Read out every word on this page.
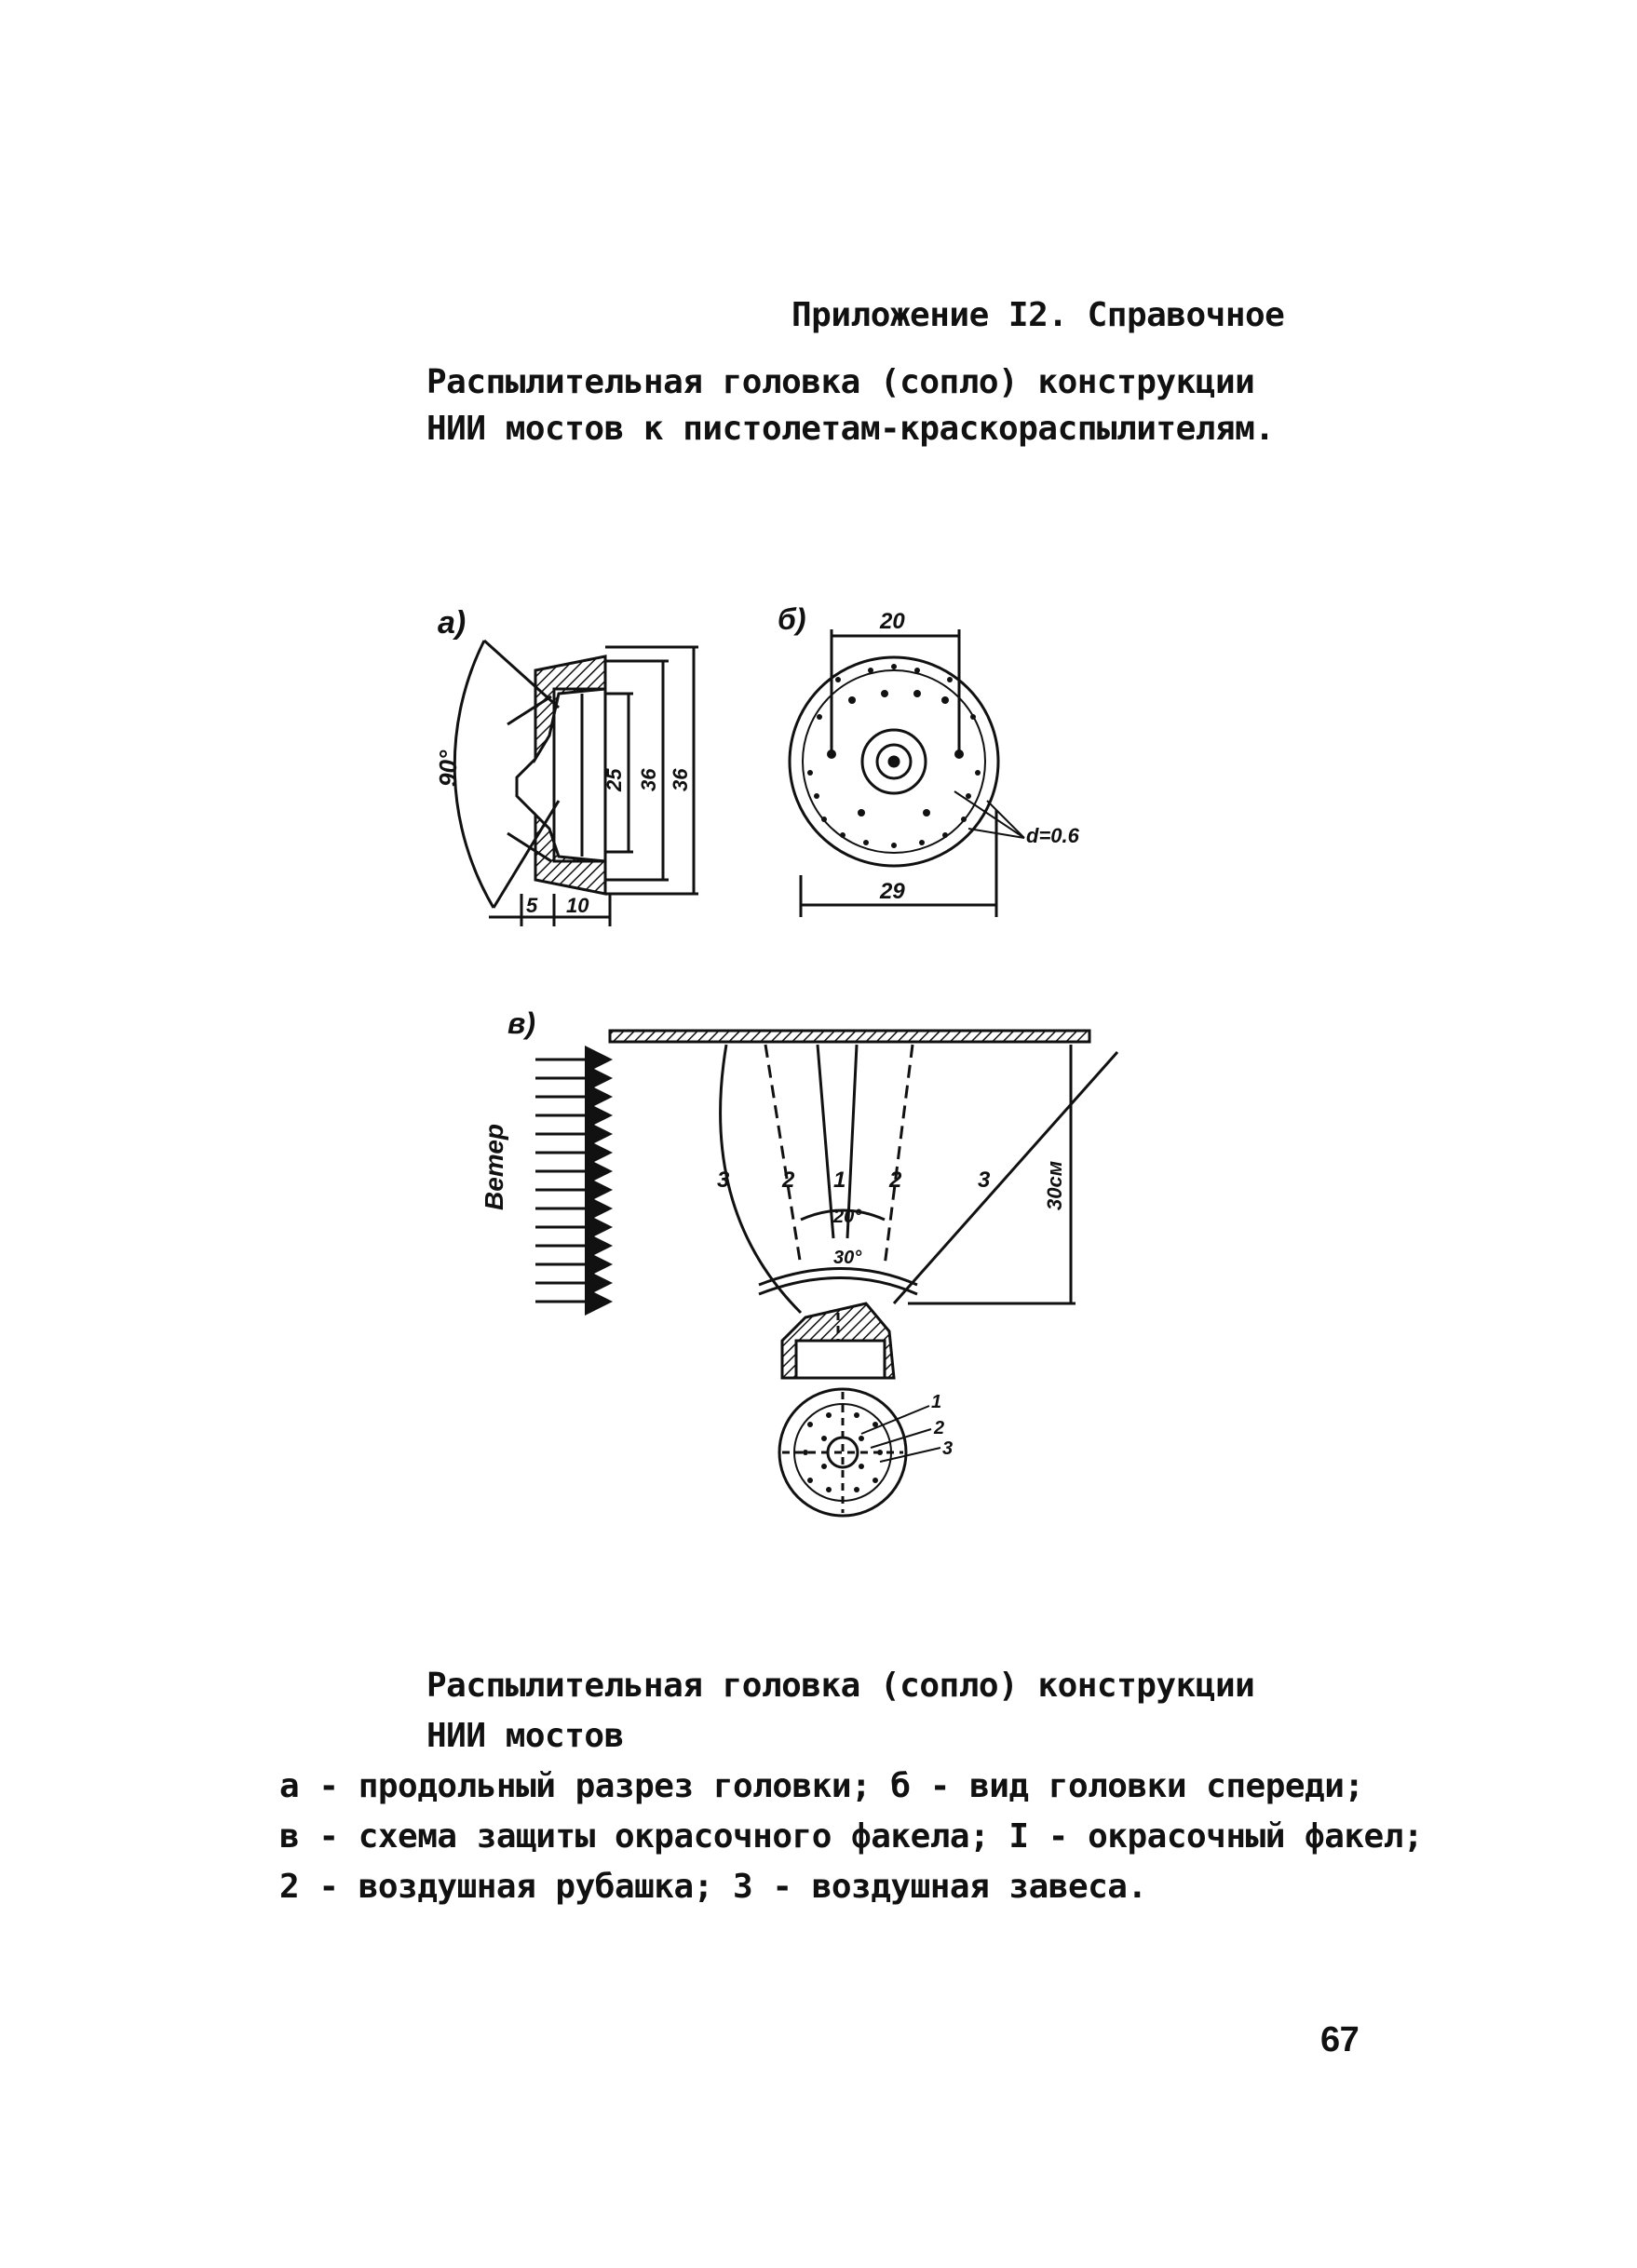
Приложение I2. Справочное
Распылительная головка (сопло) конструкции
НИИ мостов к пистолетам-краскораспылителям.
а)
90°	25 36 36
5 10
б)	20
29
d=0.6
в)
Ветер	3 2 1 2	3
20°
30°
30см
1
2
3
Распылительная головка (сопло) конструкции
НИИ мостов
а - продольный разрез головки; б - вид головки спереди;
в - схема защиты окрасочного факела; I - окрасочный факел;
2 - воздушная рубашка; 3 - воздушная завеса.
67
